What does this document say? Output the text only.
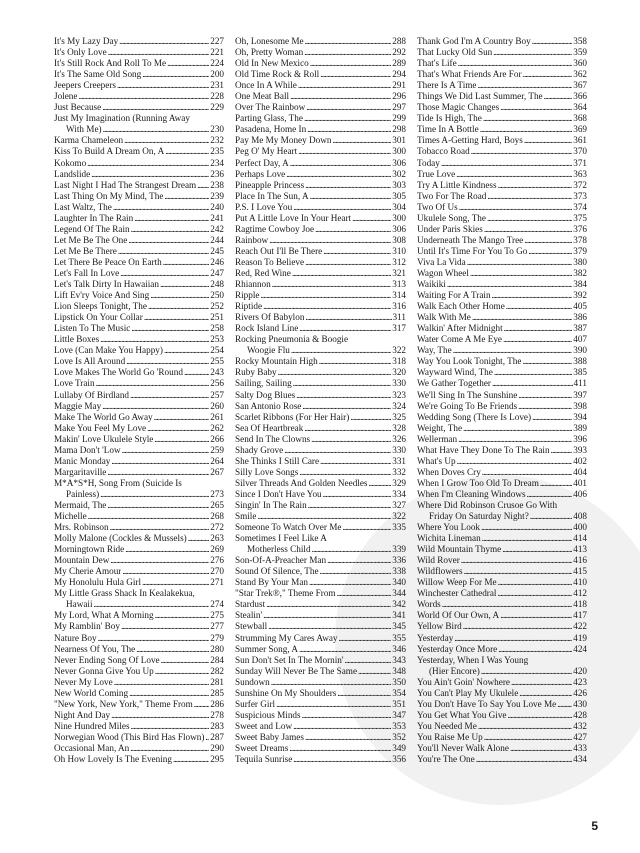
It's My Lazy Day . . .	227
It's Only Love . . .	221
It's Still Rock And Roll To Me . . .	224
It's The Same Old Song . . .	200
Jeepers Creepers . . .	231
Jolene . . .	228
Just Because . . .	229
Just My Imagination (Running Away
With Me) . . .	230
Karma Chameleon . . .	232
Kiss To Build A Dream On, A . . .	235
Kokomo . . .	234
Landslide . . .	236
Last Night I Had The Strangest Dream . . . 238
Last Thing On My Mind, The . . .	239
Last Waltz, The . . .	240
Laughter In The Rain . . .	241
Legend Of The Rain . . .	242
Let Me Be The One . . .	244
Let Me Be There . . .	245
Let There Be Peace On Earth . . .	246
Let's Fall In Love . . .	247
Let's Talk Dirty In Hawaiian . . .	248
Lift Ev'ry Voice And Sing . . .	250
Lion Sleeps Tonight, The . . .	252
Lipstick On Your Collar . . .	251
Listen To The Music . . .	258
Little Boxes . . .	253
Love (Can Make You Happy) . . .	254
Love Is All Around . . .	255
Love Makes The World Go 'Round . . .	243
Love Train . . .	256
Lullaby Of Birdland . . .	257
Maggie May . . .	260
Make The World Go Away . . .	261
Make You Feel My Love . . .	262
Makin' Love Ukulele Style . . .	266
Mama Don't 'Low . . .	259
Manic Monday . . .	264
Margaritaville . . .	267
M*A*S*H, Song From (Suicide Is
Painless) . . .	273
Mermaid, The . . .	265
Michelle . . .	268
Mrs. Robinson . . .	272
Molly Malone (Cockles & Mussels) . . .	263
Morningtown Ride . . .	269
Mountain Dew . . .	276
My Cherie Amour . . .	270
My Honolulu Hula Girl . . .	271
My Little Grass Shack In Kealakekua,
Hawaii . . .	274
My Lord, What A Morning . . .	275
My Ramblin' Boy . . .	277
Nature Boy . . .	279
Nearness Of You, The . . .	280
Never Ending Song Of Love . . .	284
Never Gonna Give You Up . . .	282
Never My Love . . .	281
New World Coming . . .	285
"New York, New York," Theme From . . . 286
Night And Day . . .	278
Nine Hundred Miles . . .	283
Norwegian Wood (This Bird Has Flown) . . . 287
Occasional Man, An . . .	290
Oh How Lovely Is The Evening . . .	295
Oh, Lonesome Me . . .	288
Oh, Pretty Woman . . .	292
Old In New Mexico . . .	289
Old Time Rock & Roll . . .	294
Once In A While . . .	291
One Meat Ball . . .	296
Over The Rainbow . . .	297
Parting Glass, The . . .	299
Pasadena, Home In . . .	298
Pay Me My Money Down . . .	301
Peg O' My Heart . . .	300
Perfect Day, A . . .	306
Perhaps Love . . .	302
Pineapple Princess . . .	303
Place In The Sun, A . . .	305
P.S. I Love You . . .	304
Put A Little Love In Your Heart . . .	300
Ragtime Cowboy Joe . . .	306
Rainbow . . .	308
Reach Out I'll Be There . . .	310
Reason To Believe . . .	312
Red, Red Wine . . .	321
Rhiannon . . .	313
Ripple . . .	314
Riptide . . .	316
Rivers Of Babylon . . .	311
Rock Island Line . . .	317
Rocking Pneumonia & Boogie
Woogie Flu . . .	322
Rocky Mountain High . . .	318
Ruby Baby . . .	320
Sailing, Sailing . . .	330
Salty Dog Blues . . .	323
San Antonio Rose . . .	324
Scarlet Ribbons (For Her Hair) . . .	325
Sea Of Heartbreak . . .	328
Send In The Clowns . . .	326
Shady Grove . . .	330
She Thinks I Still Care . . .	331
Silly Love Songs . . .	332
Silver Threads And Golden Needles . . .	329
Since I Don't Have You . . .	334
Singin' In The Rain . . .	327
Smile . . .	322
Someone To Watch Over Me . . .	335
Sometimes I Feel Like A
Motherless Child . . .	339
Son-Of-A-Preacher Man . . .	336
Sound Of Silence, The . . .	338
Stand By Your Man . . .	340
"Star Trek®," Theme From . . .	344
Stardust . . .	342
Stealin' . . .	341
Stewball . . .	345
Strumming My Cares Away . . .	355
Summer Song, A . . .	346
Sun Don't Set In The Mornin' . . .	343
Sunday Will Never Be The Same . . .	348
Sundown . . .	350
Sunshine On My Shoulders . . .	354
Surfer Girl . . .	351
Suspicious Minds . . .	347
Sweet and Low . . .	353
Sweet Baby James . . .	352
Sweet Dreams . . .	349
Tequila Sunrise . . .	356
Thank God I'm A Country Boy . . .	358
That Lucky Old Sun . . .	359
That's Life . . .	360
That's What Friends Are For . . .	362
There Is A Time . . .	367
Things We Did Last Summer, The . . .	366
Those Magic Changes . . .	364
Tide Is High, The . . .	368
Time In A Bottle . . .	369
Times A-Getting Hard, Boys . . .	361
Tobacco Road . . .	370
Today . . .	371
True Love . . .	363
Try A Little Kindness . . .	372
Two For The Road . . .	373
Two Of Us . . .	374
Ukulele Song, The . . .	375
Under Paris Skies . . .	376
Underneath The Mango Tree . . .	378
Until It's Time For You To Go . . .	379
Viva La Vida . . .	380
Wagon Wheel . . .	382
Waikiki . . .	384
Waiting For A Train . . .	392
Walk Each Other Home . . .	405
Walk With Me . . .	386
Walkin' After Midnight . . .	387
Water Come A Me Eye . . .	407
Way, The . . .	390
Way You Look Tonight, The . . .	388
Wayward Wind, The . . .	385
We Gather Together . . .	411
We'll Sing In The Sunshine . . .	397
We're Going To Be Friends . . .	398
Wedding Song (There Is Love) . . .	394
Weight, The . . .	389
Wellerman . . .	396
What Have They Done To The Rain . . .	393
What's Up . . .	402
When Doves Cry . . .	404
When I Grow Too Old To Dream . . .	401
When I'm Cleaning Windows . . .	406
Where Did Robinson Crusoe Go With
Friday On Saturday Night? . . .	408
Where You Look . . .	400
Wichita Lineman . . .	414
Wild Mountain Thyme . . .	413
Wild Rover . . .	416
Wildflowers . . .	415
Willow Weep For Me . . .	410
Winchester Cathedral . . .	412
Words . . .	418
World Of Our Own, A . . .	417
Yellow Bird . . .	422
Yesterday . . .	419
Yesterday Once More . . .	424
Yesterday, When I Was Young
(Hier Encore) . . .	420
You Ain't Goin' Nowhere . . .	423
You Can't Play My Ukulele . . .	426
You Don't Have To Say You Love Me . . . 430
You Get What You Give . . .	428
You Needed Me . . .	432
You Raise Me Up . . .	427
You'll Never Walk Alone . . .	433
You're The One . . .	434
5
